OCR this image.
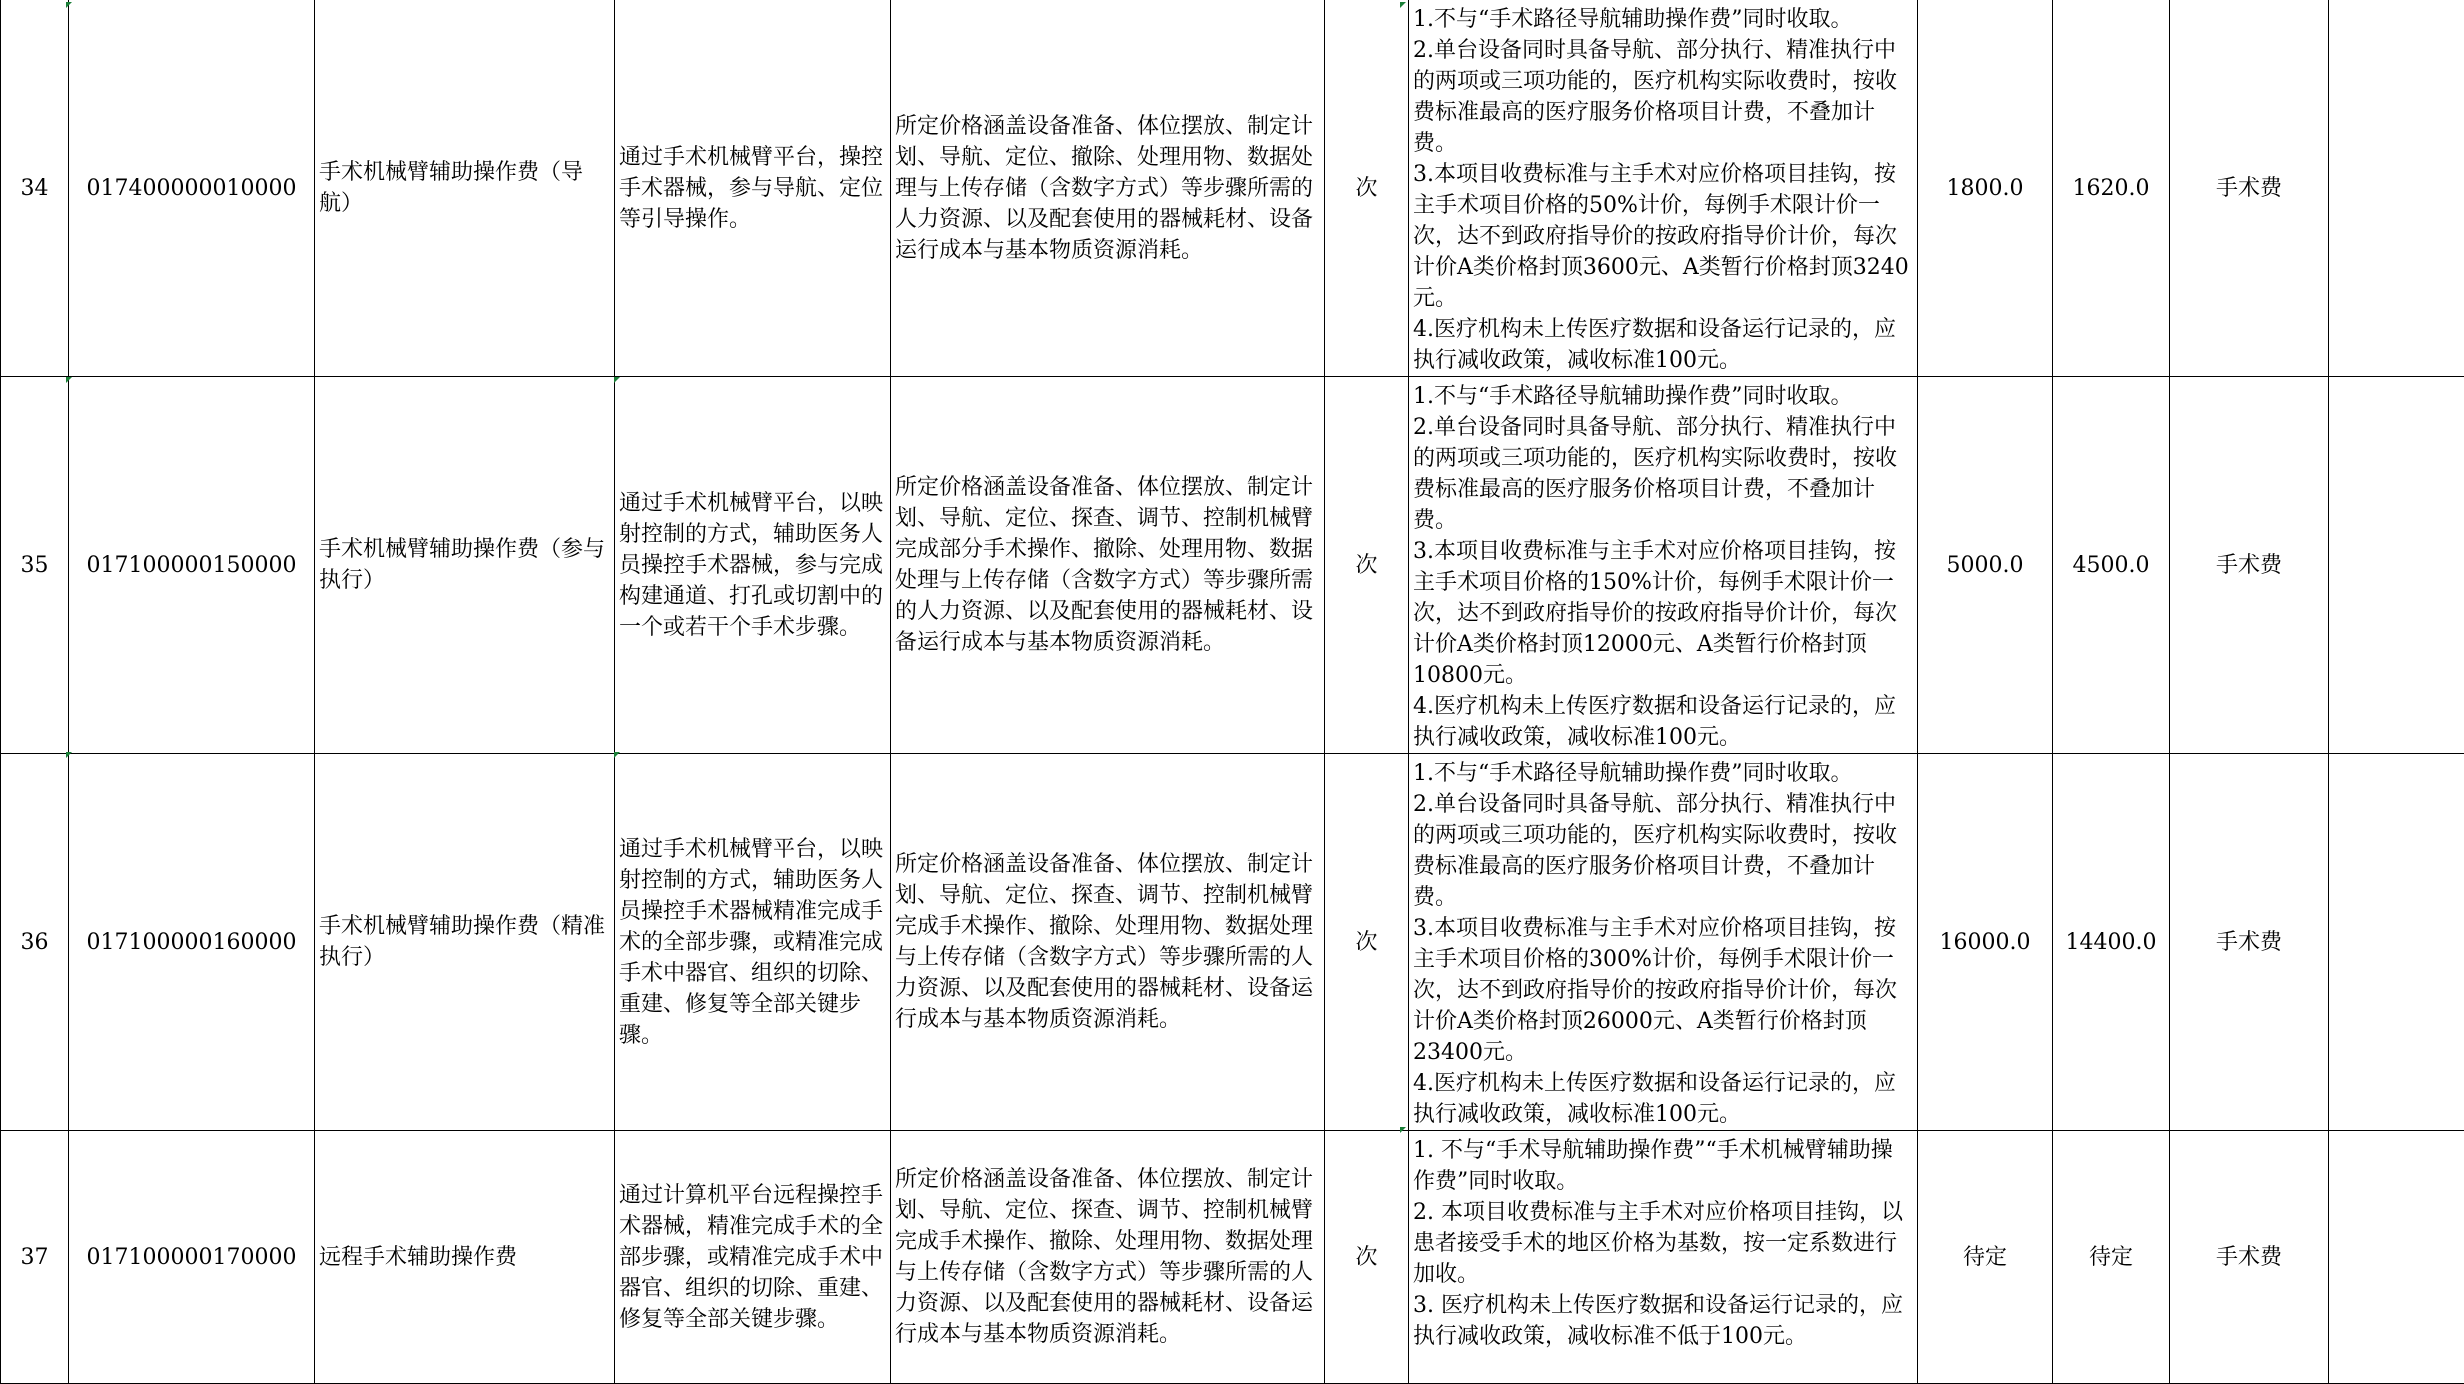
34	017400000010000	手术机械臂辅助操作费（导航）	通过手术机械臂平台，操控手术器械，参与导航、定位等引导操作。	所定价格涵盖设备准备、体位摆放、制定计划、导航、定位、撤除、处理用物、数据处理与上传存储（含数字方式）等步骤所需的人力资源、以及配套使用的器械耗材、设备运行成本与基本物质资源消耗。	次	1.不与“手术路径导航辅助操作费”同时收取。
2.单台设备同时具备导航、部分执行、精准执行中的两项或三项功能的，医疗机构实际收费时，按收费标准最高的医疗服务价格项目计费，不叠加计费。
3.本项目收费标准与主手术对应价格项目挂钩，按主手术项目价格的50%计价，每例手术限计价一次，达不到政府指导价的按政府指导价计价，每次计价A类价格封顶3600元、A类暂行价格封顶3240元。
4.医疗机构未上传医疗数据和设备运行记录的，应执行减收政策，减收标准100元。	1800.0	1620.0	手术费	
35	017100000150000	手术机械臂辅助操作费（参与执行）	通过手术机械臂平台，以映射控制的方式，辅助医务人员操控手术器械，参与完成构建通道、打孔或切割中的一个或若干个手术步骤。	所定价格涵盖设备准备、体位摆放、制定计划、导航、定位、探查、调节、控制机械臂完成部分手术操作、撤除、处理用物、数据处理与上传存储（含数字方式）等步骤所需的人力资源、以及配套使用的器械耗材、设备运行成本与基本物质资源消耗。	次	1.不与“手术路径导航辅助操作费”同时收取。
2.单台设备同时具备导航、部分执行、精准执行中的两项或三项功能的，医疗机构实际收费时，按收费标准最高的医疗服务价格项目计费，不叠加计费。
3.本项目收费标准与主手术对应价格项目挂钩，按主手术项目价格的150%计价，每例手术限计价一次，达不到政府指导价的按政府指导价计价，每次计价A类价格封顶12000元、A类暂行价格封顶10800元。
4.医疗机构未上传医疗数据和设备运行记录的，应执行减收政策，减收标准100元。	5000.0	4500.0	手术费	
36	017100000160000	手术机械臂辅助操作费（精准执行）	通过手术机械臂平台，以映射控制的方式，辅助医务人员操控手术器械精准完成手术的全部步骤，或精准完成手术中器官、组织的切除、重建、修复等全部关键步骤。	所定价格涵盖设备准备、体位摆放、制定计划、导航、定位、探查、调节、控制机械臂完成手术操作、撤除、处理用物、数据处理与上传存储（含数字方式）等步骤所需的人力资源、以及配套使用的器械耗材、设备运行成本与基本物质资源消耗。	次	1.不与“手术路径导航辅助操作费”同时收取。
2.单台设备同时具备导航、部分执行、精准执行中的两项或三项功能的，医疗机构实际收费时，按收费标准最高的医疗服务价格项目计费，不叠加计费。
3.本项目收费标准与主手术对应价格项目挂钩，按主手术项目价格的300%计价，每例手术限计价一次，达不到政府指导价的按政府指导价计价，每次计价A类价格封顶26000元、A类暂行价格封顶23400元。
4.医疗机构未上传医疗数据和设备运行记录的，应执行减收政策，减收标准100元。	16000.0	14400.0	手术费	
37	017100000170000	远程手术辅助操作费	通过计算机平台远程操控手术器械，精准完成手术的全部步骤，或精准完成手术中器官、组织的切除、重建、修复等全部关键步骤。	所定价格涵盖设备准备、体位摆放、制定计划、导航、定位、探查、调节、控制机械臂完成手术操作、撤除、处理用物、数据处理与上传存储（含数字方式）等步骤所需的人力资源、以及配套使用的器械耗材、设备运行成本与基本物质资源消耗。	次	1. 不与“手术导航辅助操作费”“手术机械臂辅助操作费”同时收取。
2. 本项目收费标准与主手术对应价格项目挂钩，以患者接受手术的地区价格为基数，按一定系数进行加收。
3. 医疗机构未上传医疗数据和设备运行记录的，应执行减收政策，减收标准不低于100元。	待定	待定	手术费	
